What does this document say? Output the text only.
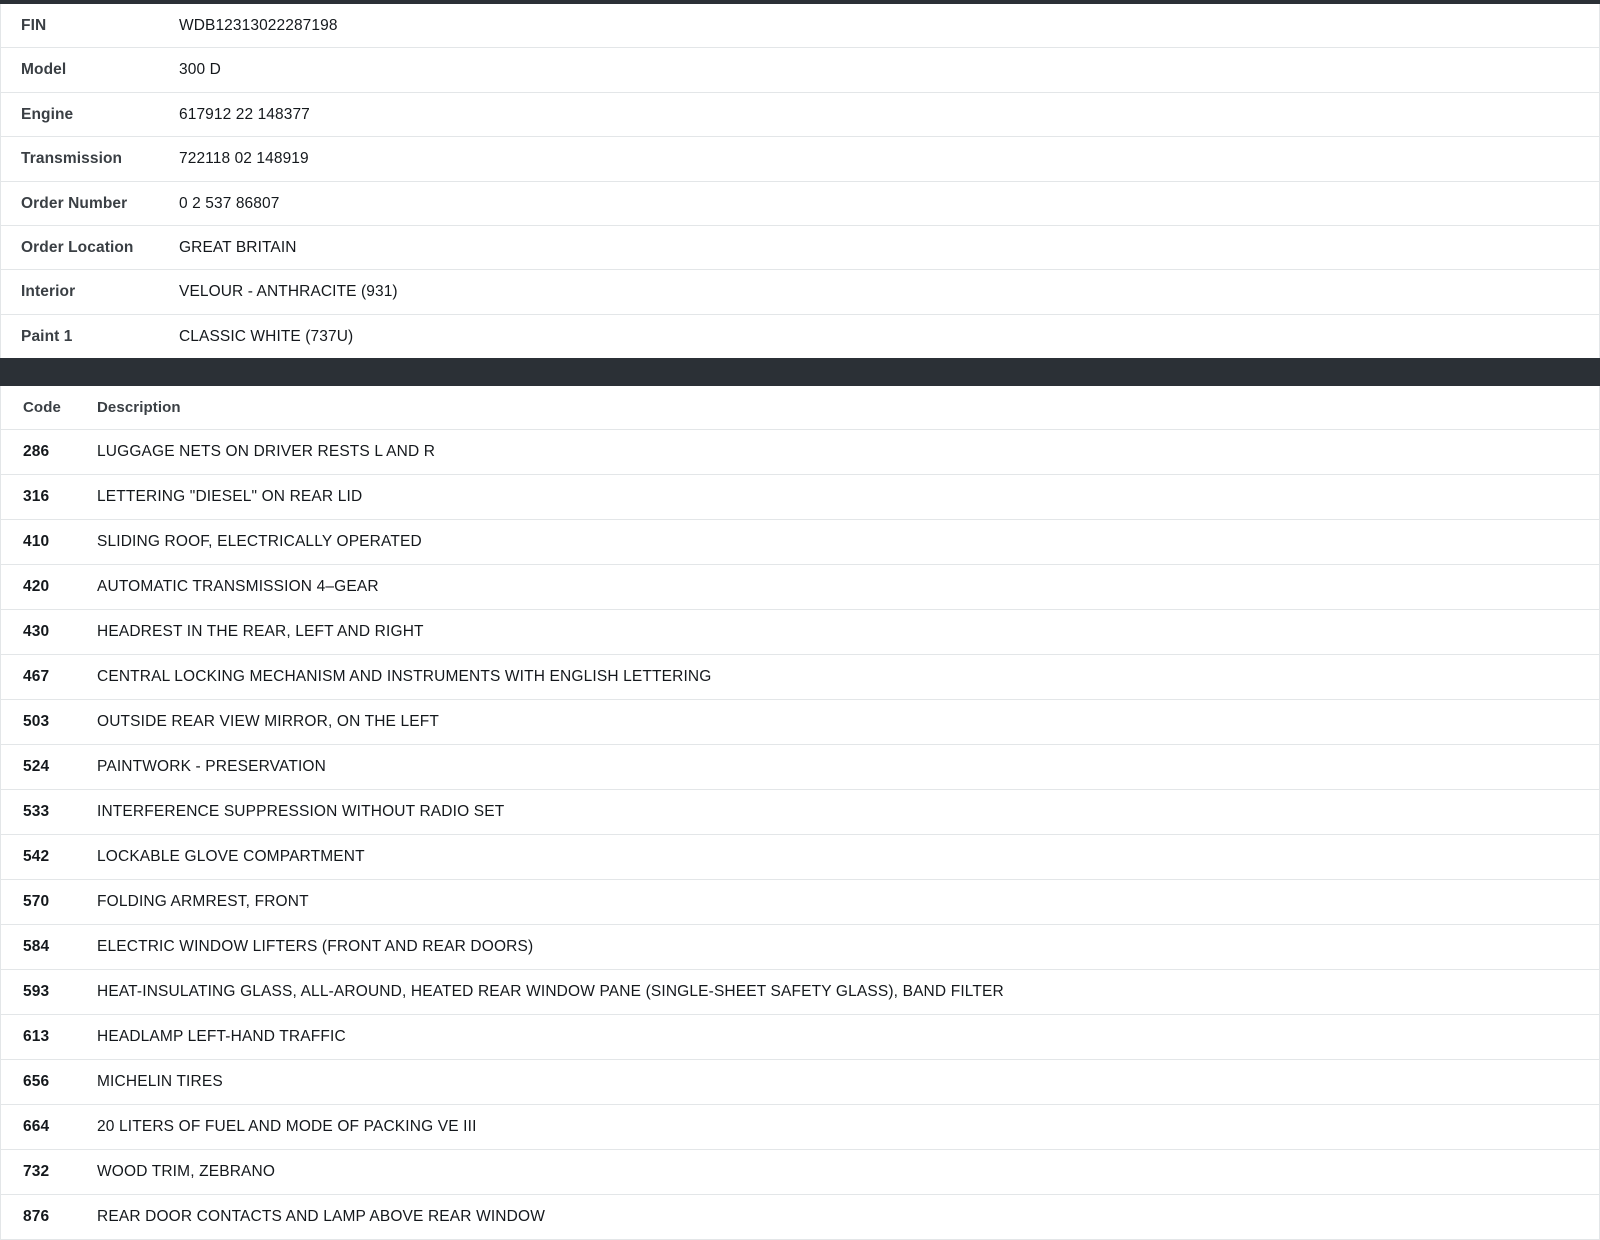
FIN	WDB12313022287198
Model	300 D
Engine	617912 22 148377
Transmission	722118 02 148919
Order Number	0 2 537 86807
Order Location	GREAT BRITAIN
Interior	VELOUR - ANTHRACITE (931)
Paint 1	CLASSIC WHITE (737U)
Code	Description
286	LUGGAGE NETS ON DRIVER RESTS L AND R
316	LETTERING "DIESEL" ON REAR LID
410	SLIDING ROOF, ELECTRICALLY OPERATED
420	AUTOMATIC TRANSMISSION 4–GEAR
430	HEADREST IN THE REAR, LEFT AND RIGHT
467	CENTRAL LOCKING MECHANISM AND INSTRUMENTS WITH ENGLISH LETTERING
503	OUTSIDE REAR VIEW MIRROR, ON THE LEFT
524	PAINTWORK - PRESERVATION
533	INTERFERENCE SUPPRESSION WITHOUT RADIO SET
542	LOCKABLE GLOVE COMPARTMENT
570	FOLDING ARMREST, FRONT
584	ELECTRIC WINDOW LIFTERS (FRONT AND REAR DOORS)
593	HEAT-INSULATING GLASS, ALL-AROUND, HEATED REAR WINDOW PANE (SINGLE-SHEET SAFETY GLASS), BAND FILTER
613	HEADLAMP LEFT-HAND TRAFFIC
656	MICHELIN TIRES
664	20 LITERS OF FUEL AND MODE OF PACKING VE III
732	WOOD TRIM, ZEBRANO
876	REAR DOOR CONTACTS AND LAMP ABOVE REAR WINDOW
